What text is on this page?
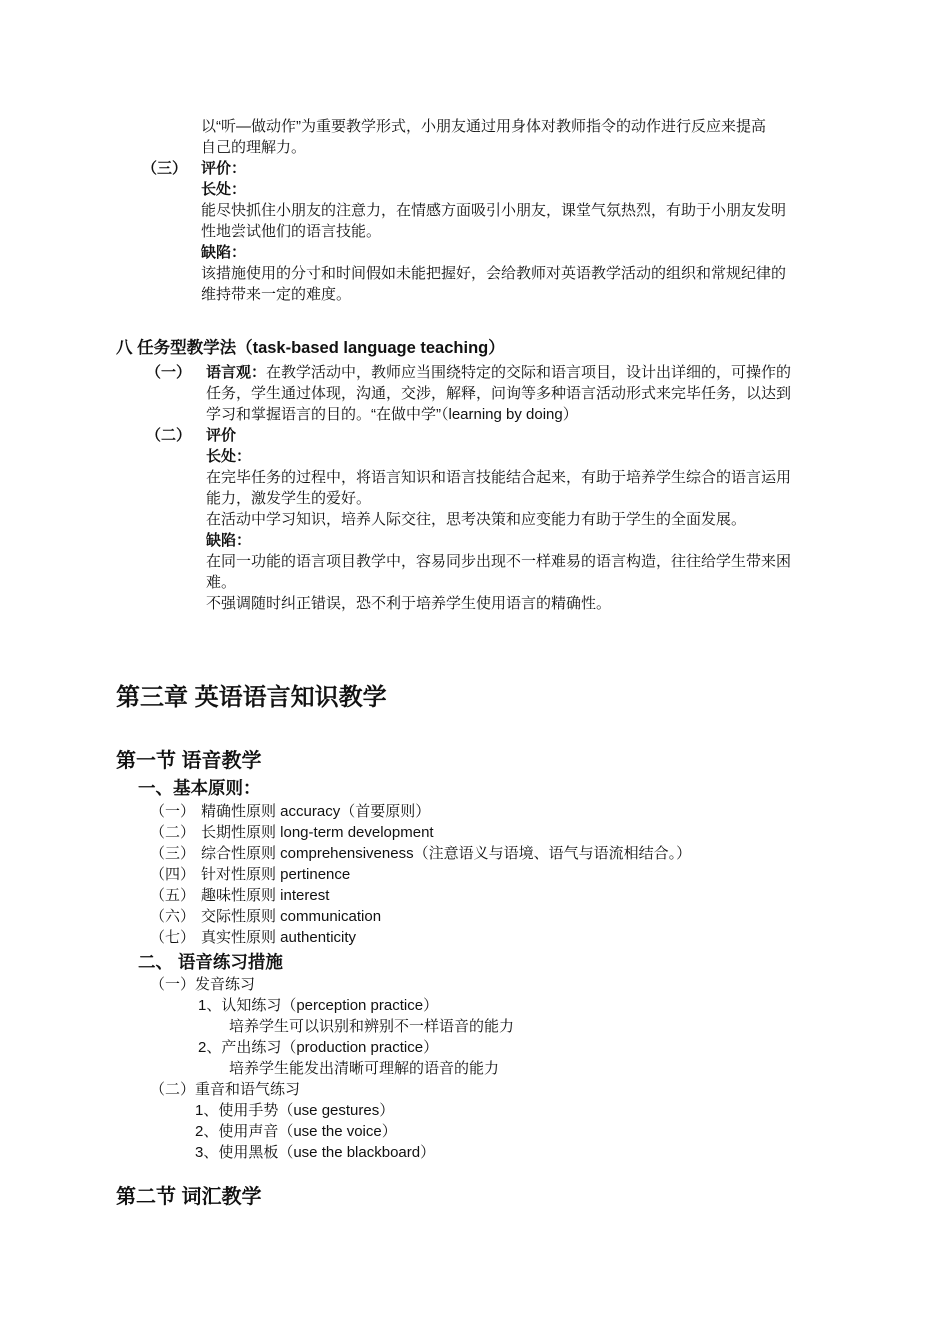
以“听—做动作”为重要教学形式，小朋友通过用身体对教师指令的动作进行反应来提高
自己的理解力。
（三） 评价：
长处：
能尽快抓住小朋友的注意力，在情感方面吸引小朋友，课堂气氛热烈，有助于小朋友发明
性地尝试他们的语言技能。
缺陷：
该措施使用的分寸和时间假如未能把握好，会给教师对英语教学活动的组织和常规纪律的
维持带来一定的难度。
八 任务型教学法（task-based language teaching）
（一） 语言观：在教学活动中，教师应当围绕特定的交际和语言项目，设计出详细的，可操作的
任务，学生通过体现，沟通，交涉，解释，问询等多种语言活动形式来完毕任务，以达到
学习和掌握语言的目的。“在做中学”（learning by doing）
（二） 评价
长处：
在完毕任务的过程中，将语言知识和语言技能结合起来，有助于培养学生综合的语言运用
能力，激发学生的爱好。
在活动中学习知识，培养人际交往，思考决策和应变能力有助于学生的全面发展。
缺陷：
在同一功能的语言项目教学中，容易同步出现不一样难易的语言构造，往往给学生带来困
难。
不强调随时纠正错误，恐不利于培养学生使用语言的精确性。
第三章 英语语言知识教学
第一节 语音教学
一、基本原则：
（一） 精确性原则 accuracy（首要原则）
（二） 长期性原则 long-term development
（三） 综合性原则 comprehensiveness（注意语义与语境、语气与语流相结合。）
（四） 针对性原则 pertinence
（五） 趣味性原则 interest
（六） 交际性原则 communication
（七） 真实性原则 authenticity
二、 语音练习措施
（一）发音练习
1、认知练习（perception practice）
培养学生可以识别和辨别不一样语音的能力
2、产出练习（production practice）
培养学生能发出清晰可理解的语音的能力
（二）重音和语气练习
1、使用手势（use gestures）
2、使用声音（use the voice）
3、使用黑板（use the blackboard）
第二节 词汇教学
